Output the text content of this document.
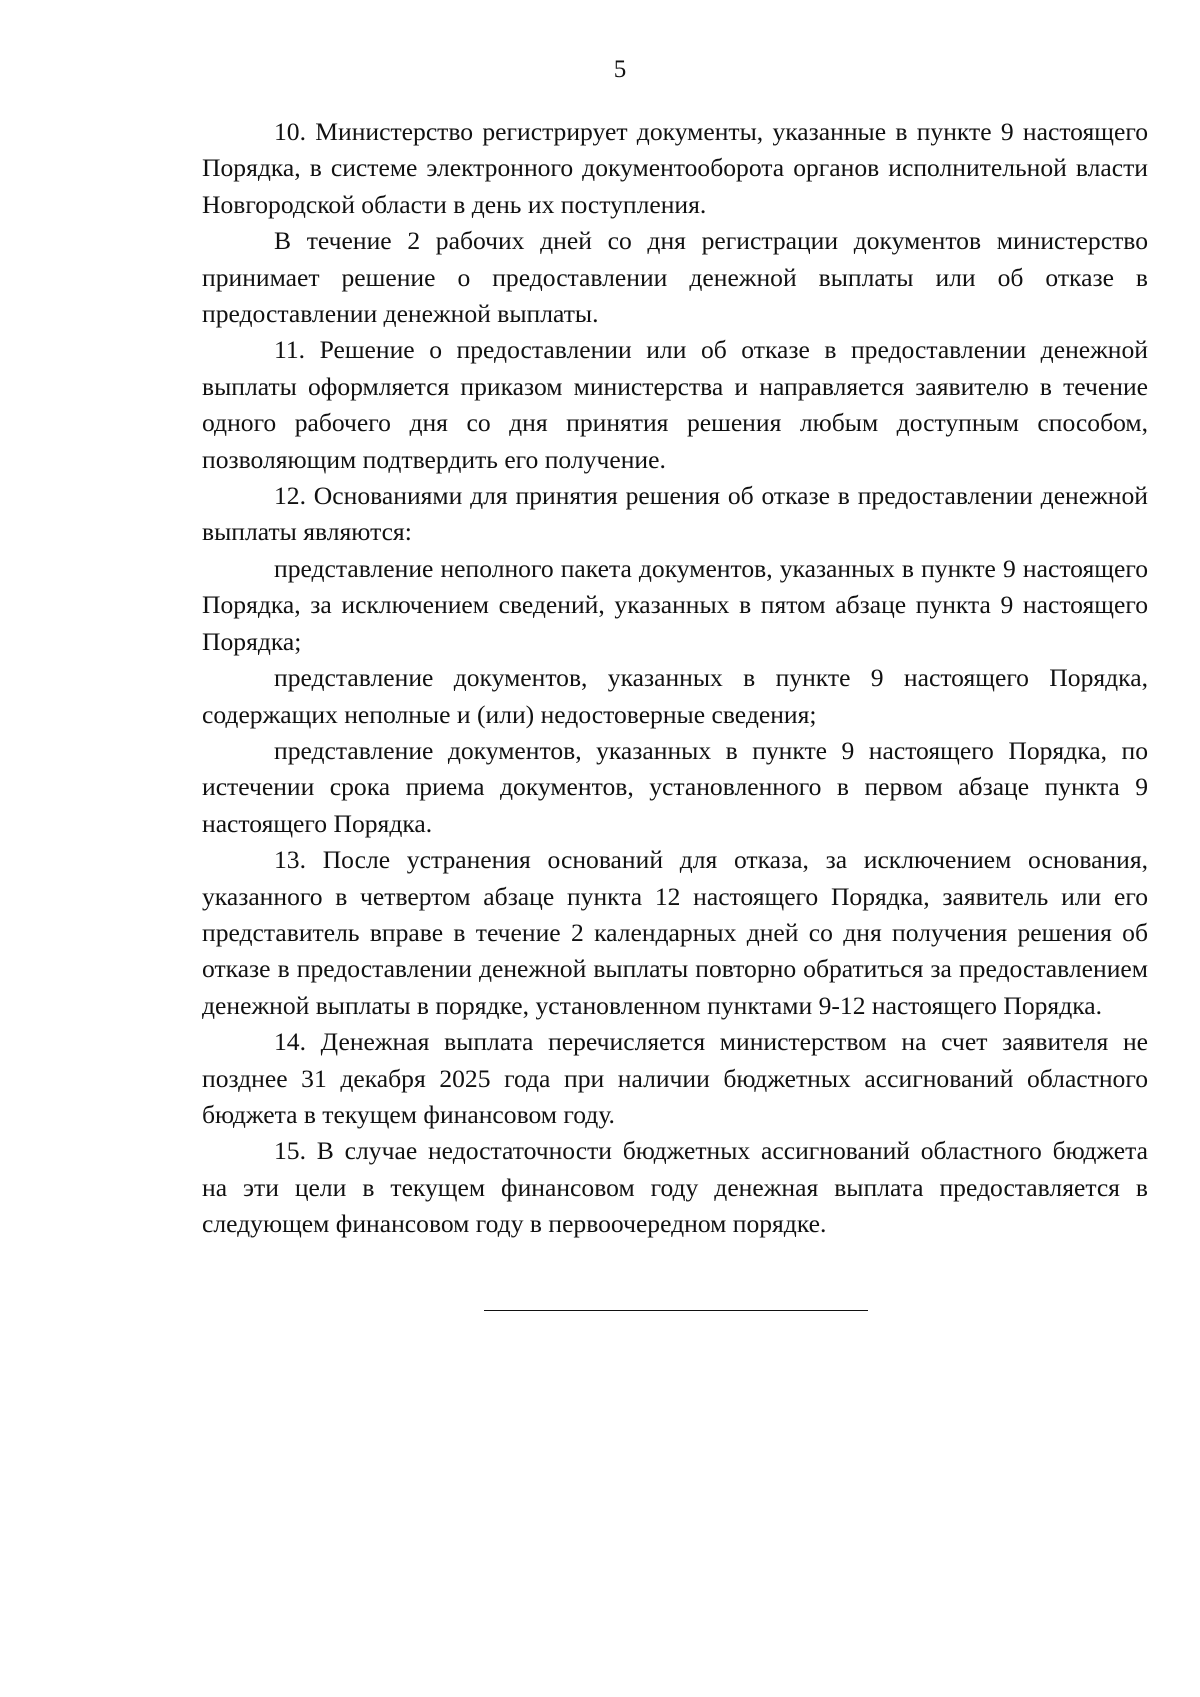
5

10. Министерство регистрирует документы, указанные в пункте 9 настоящего Порядка, в системе электронного документооборота органов исполнительной власти Новгородской области в день их поступления.

В течение 2 рабочих дней со дня регистрации документов министерство принимает решение о предоставлении денежной выплаты или об отказе в предоставлении денежной выплаты.

11. Решение о предоставлении или об отказе в предоставлении денежной выплаты оформляется приказом министерства и направляется заявителю в течение одного рабочего дня со дня принятия решения любым доступным способом, позволяющим подтвердить его получение.

12. Основаниями для принятия решения об отказе в предоставлении денежной выплаты являются:

представление неполного пакета документов, указанных в пункте 9 настоящего Порядка, за исключением сведений, указанных в пятом абзаце пункта 9 настоящего Порядка;

представление документов, указанных в пункте 9 настоящего Порядка, содержащих неполные и (или) недостоверные сведения;

представление документов, указанных в пункте 9 настоящего Порядка, по истечении срока приема документов, установленного в первом абзаце пункта 9 настоящего Порядка.

13. После устранения оснований для отказа, за исключением основания, указанного в четвертом абзаце пункта 12 настоящего Порядка, заявитель или его представитель вправе в течение 2 календарных дней со дня получения решения об отказе в предоставлении денежной выплаты повторно обратиться за предоставлением денежной выплаты в порядке, установленном пунктами 9-12 настоящего Порядка.

14. Денежная выплата перечисляется министерством на счет заявителя не позднее 31 декабря 2025 года при наличии бюджетных ассигнований областного бюджета в текущем финансовом году.

15. В случае недостаточности бюджетных ассигнований областного бюджета на эти цели в текущем финансовом году денежная выплата предоставляется в следующем финансовом году в первоочередном порядке.
